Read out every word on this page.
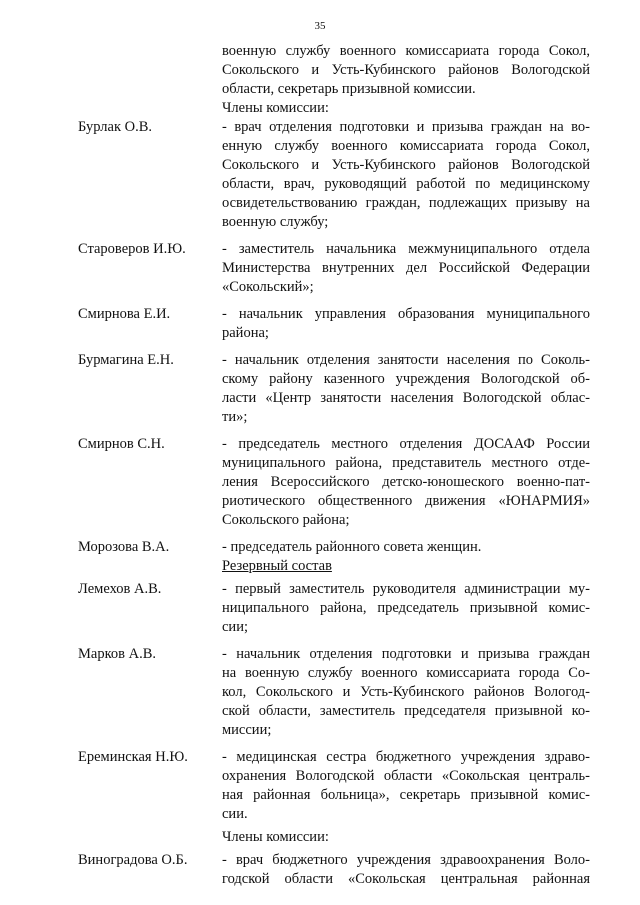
35
военную службу военного комиссариата города Сокол,
Сокольского и Усть-Кубинского районов Вологодской
области, секретарь призывной комиссии.
Члены комиссии:
Бурлак О.В.	- врач отделения подготовки и призыва граждан на во-
енную службу военного комиссариата города Сокол,
Сокольского и Усть-Кубинского районов Вологодской
области, врач, руководящий работой по медицинскому
освидетельствованию граждан, подлежащих призыву на
военную службу;
Староверов И.Ю.	- заместитель начальника межмуниципального отдела
Министерства внутренних дел Российской Федерации
«Сокольский»;
Смирнова Е.И.	- начальник управления образования муниципального
района;
Бурмагина Е.Н.	- начальник отделения занятости населения по Соколь-
скому району казенного учреждения Вологодской об-
ласти «Центр занятости населения Вологодской облас-
ти»;
Смирнов С.Н.	- председатель местного отделения ДОСААФ России
муниципального района, представитель местного отде-
ления Всероссийского детско-юношеского военно-пат-
риотического общественного движения «ЮНАРМИЯ»
Сокольского района;
Морозова В.А.	- председатель районного совета женщин.
Резервный состав
Лемехов А.В.	- первый заместитель руководителя администрации му-
ниципального района, председатель призывной комис-
сии;
Марков А.В.	- начальник отделения подготовки и призыва граждан
на военную службу военного комиссариата города Со-
кол, Сокольского и Усть-Кубинского районов Вологод-
ской области, заместитель председателя призывной ко-
миссии;
Ереминская Н.Ю.	- медицинская сестра бюджетного учреждения здраво-
охранения Вологодской области «Сокольская централь-
ная районная больница», секретарь призывной комис-
сии.
Члены комиссии:
Виноградова О.Б.	- врач бюджетного учреждения здравоохранения Воло-
годской области «Сокольская центральная районная
